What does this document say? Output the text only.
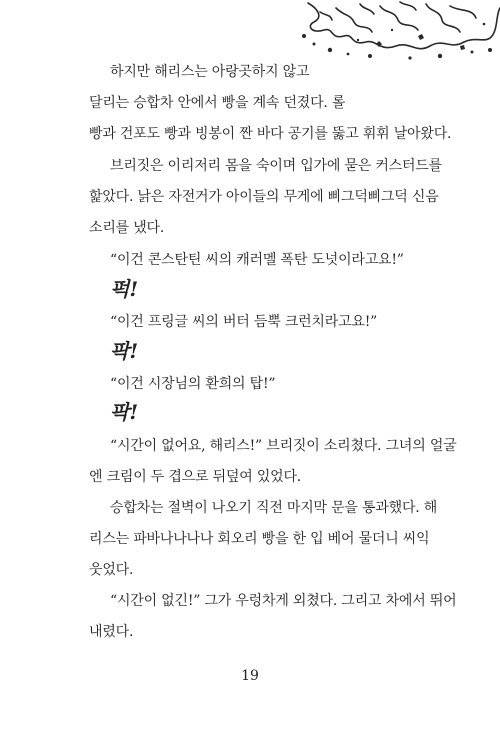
하지만 해리스는 아랑곳하지 않고
달리는 승합차 안에서 빵을 계속 던졌다. 롤
빵과 건포도 빵과 빙봉이 짠 바다 공기를 뚫고 휘휘 날아왔다.
브리짓은 이리저리 몸을 숙이며 입가에 묻은 커스터드를
핥았다. 낡은 자전거가 아이들의 무게에 삐그덕삐그덕 신음
소리를 냈다.
“이건 콘스탄틴 씨의 캐러멜 폭탄 도넛이라고요!”
퍽!
“이건 프링글 씨의 버터 듬뿍 크런치라고요!”
팍!
“이건 시장님의 환희의 탑!”
팍!
“시간이 없어요, 해리스!” 브리짓이 소리쳤다. 그녀의 얼굴
엔 크림이 두 겹으로 뒤덮여 있었다.
승합차는 절벽이 나오기 직전 마지막 문을 통과했다. 해
리스는 파바나나나나 회오리 빵을 한 입 베어 물더니 씨익
웃었다.
“시간이 없긴!” 그가 우렁차게 외쳤다. 그리고 차에서 뛰어
내렸다.
19
